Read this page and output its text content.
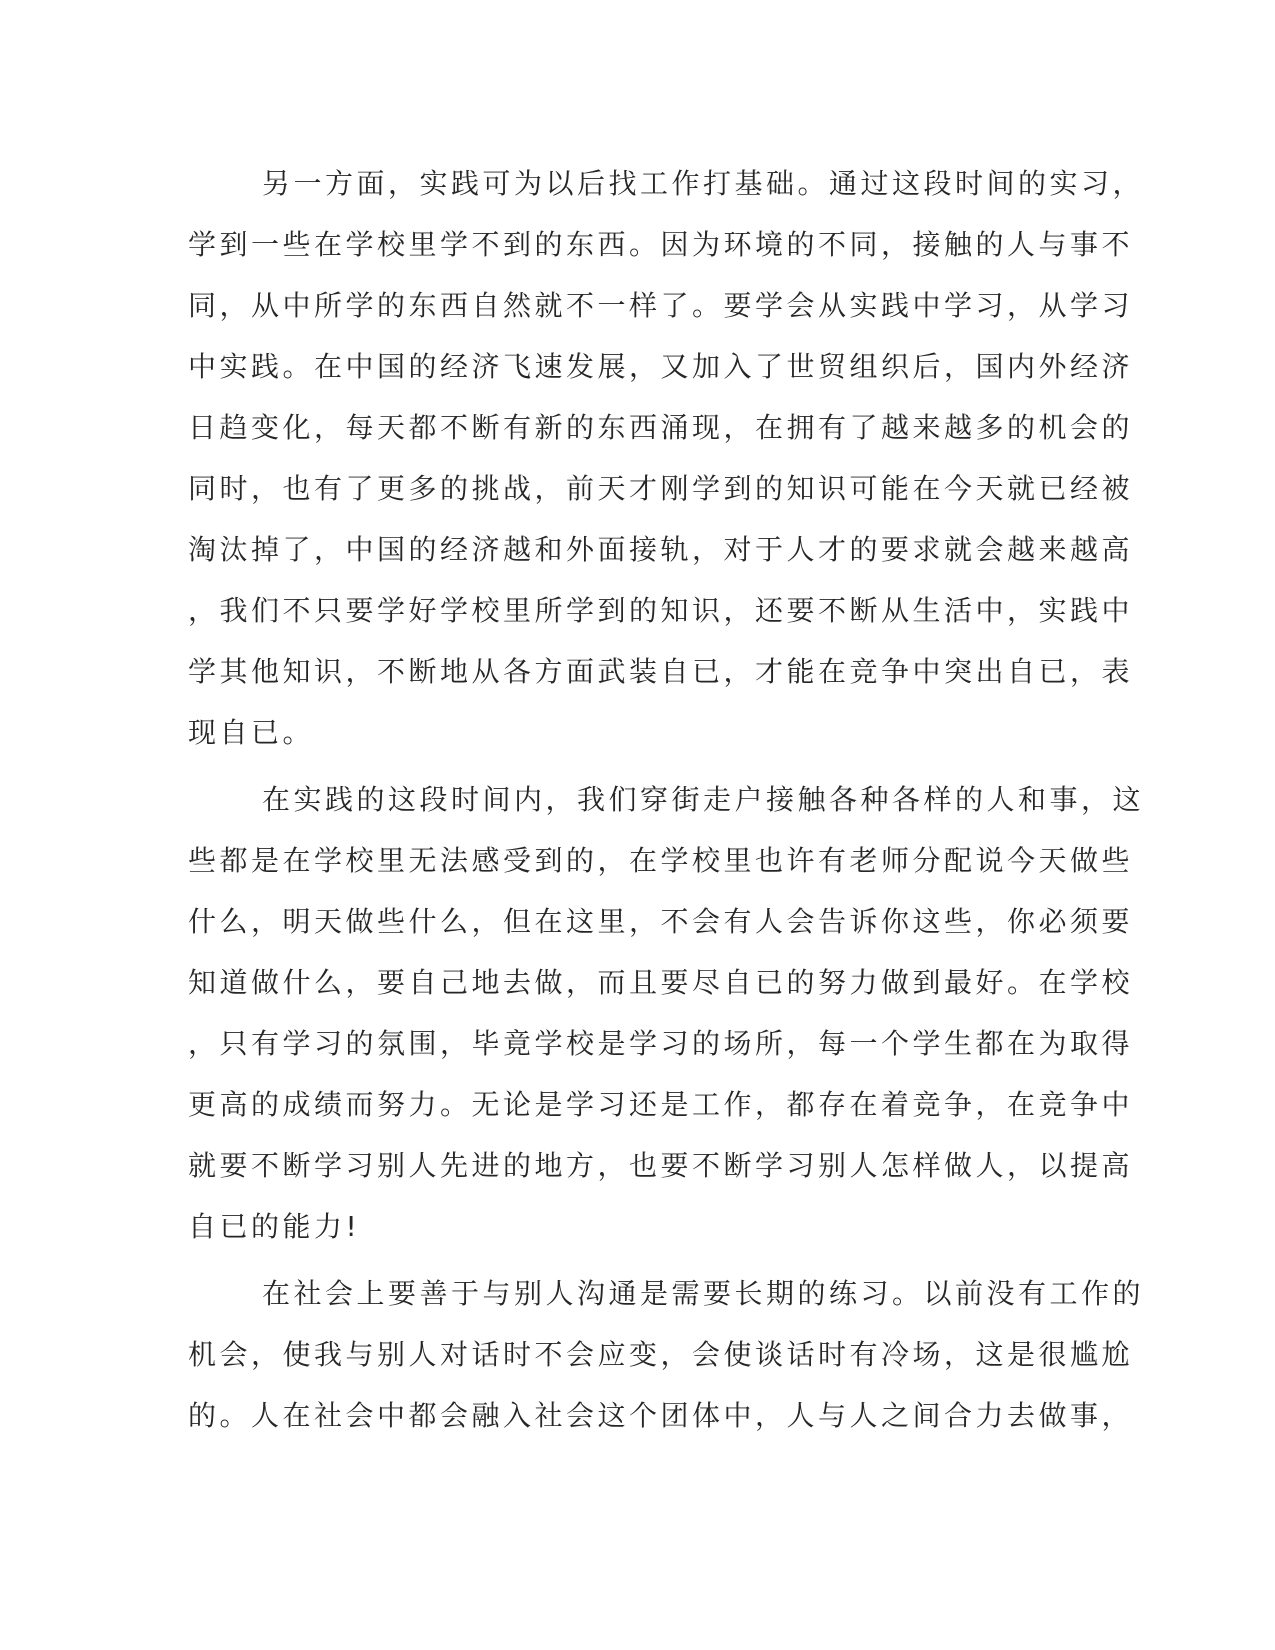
另一方面，实践可为以后找工作打基础。通过这段时间的实习，
学到一些在学校里学不到的东西。因为环境的不同，接触的人与事不
同，从中所学的东西自然就不一样了。要学会从实践中学习，从学习
中实践。在中国的经济飞速发展，又加入了世贸组织后，国内外经济
日趋变化，每天都不断有新的东西涌现，在拥有了越来越多的机会的
同时，也有了更多的挑战，前天才刚学到的知识可能在今天就已经被
淘汰掉了，中国的经济越和外面接轨，对于人才的要求就会越来越高
，我们不只要学好学校里所学到的知识，还要不断从生活中，实践中
学其他知识，不断地从各方面武装自已，才能在竞争中突出自已，表
现自已。
在实践的这段时间内，我们穿街走户接触各种各样的人和事，这
些都是在学校里无法感受到的，在学校里也许有老师分配说今天做些
什么，明天做些什么，但在这里，不会有人会告诉你这些，你必须要
知道做什么，要自己地去做，而且要尽自已的努力做到最好。在学校
，只有学习的氛围，毕竟学校是学习的场所，每一个学生都在为取得
更高的成绩而努力。无论是学习还是工作，都存在着竞争，在竞争中
就要不断学习别人先进的地方，也要不断学习别人怎样做人，以提高
自已的能力!
在社会上要善于与别人沟通是需要长期的练习。以前没有工作的
机会，使我与别人对话时不会应变，会使谈话时有冷场，这是很尴尬
的。人在社会中都会融入社会这个团体中，人与人之间合力去做事，
